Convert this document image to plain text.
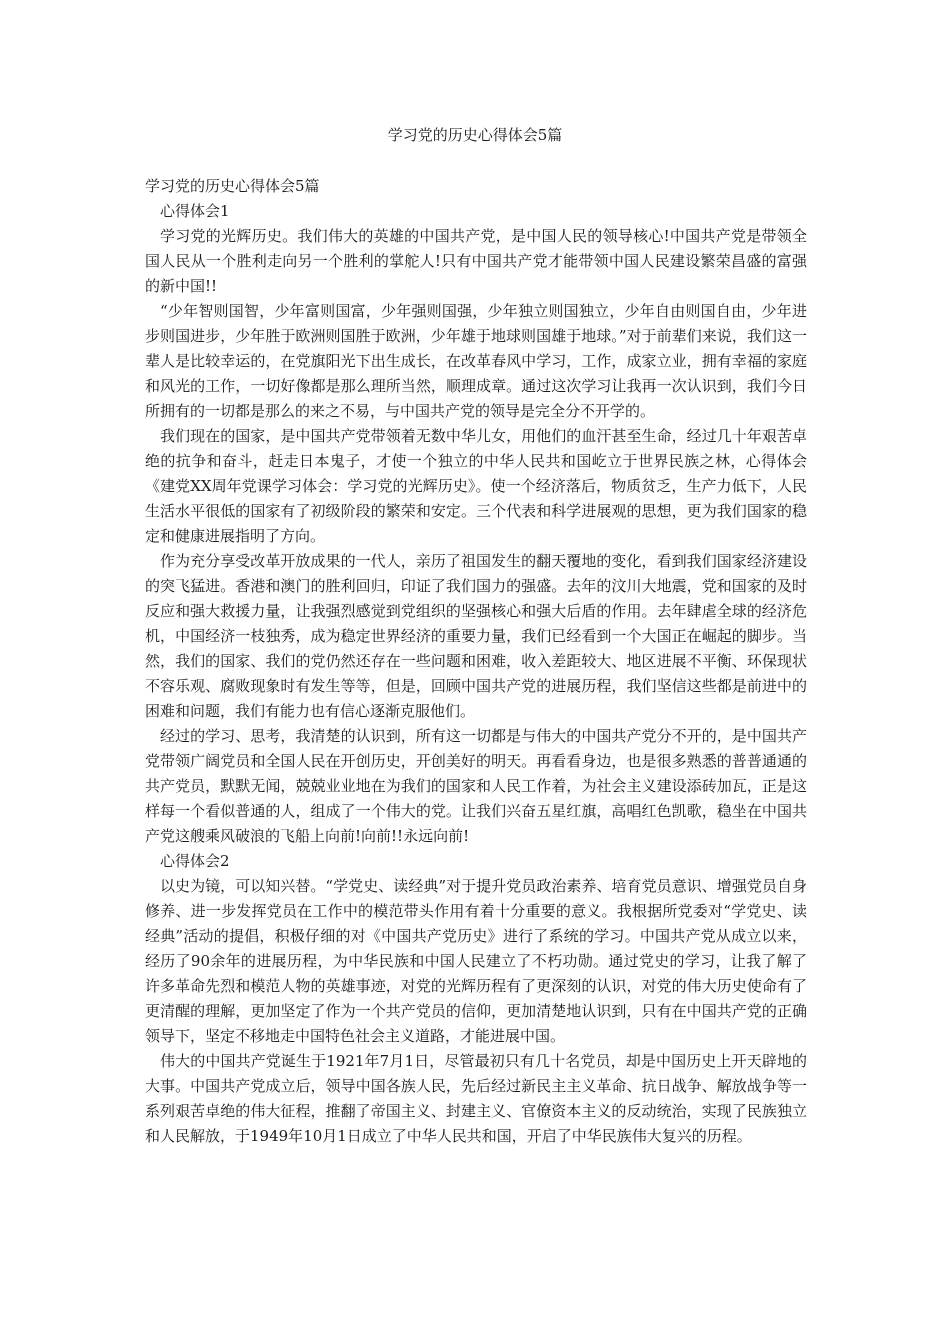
学习党的历史心得体会5篇

学习党的历史心得体会5篇

心得体会1

学习党的光辉历史。我们伟大的英雄的中国共产党，是中国人民的领导核心!中国共产党是带领全国人民从一个胜利走向另一个胜利的掌舵人!只有中国共产党才能带领中国人民建设繁荣昌盛的富强的新中国!!

“少年智则国智，少年富则国富，少年强则国强，少年独立则国独立，少年自由则国自由，少年进步则国进步，少年胜于欧洲则国胜于欧洲，少年雄于地球则国雄于地球。”对于前辈们来说，我们这一辈人是比较幸运的，在党旗阳光下出生成长，在改革春风中学习，工作，成家立业，拥有幸福的家庭和风光的工作，一切好像都是那么理所当然，顺理成章。通过这次学习让我再一次认识到，我们今日所拥有的一切都是那么的来之不易，与中国共产党的领导是完全分不开学的。

我们现在的国家，是中国共产党带领着无数中华儿女，用他们的血汗甚至生命，经过几十年艰苦卓绝的抗争和奋斗，赶走日本鬼子，才使一个独立的中华人民共和国屹立于世界民族之林，心得体会《建党XX周年党课学习体会：学习党的光辉历史》。使一个经济落后，物质贫乏，生产力低下，人民生活水平很低的国家有了初级阶段的繁荣和安定。三个代表和科学进展观的思想，更为我们国家的稳定和健康进展指明了方向。

作为充分享受改革开放成果的一代人，亲历了祖国发生的翻天覆地的变化，看到我们国家经济建设的突飞猛进。香港和澳门的胜利回归，印证了我们国力的强盛。去年的汶川大地震，党和国家的及时反应和强大救援力量，让我强烈感觉到党组织的坚强核心和强大后盾的作用。去年肆虐全球的经济危机，中国经济一枝独秀，成为稳定世界经济的重要力量，我们已经看到一个大国正在崛起的脚步。当然，我们的国家、我们的党仍然还存在一些问题和困难，收入差距较大、地区进展不平衡、环保现状不容乐观、腐败现象时有发生等等，但是，回顾中国共产党的进展历程，我们坚信这些都是前进中的困难和问题，我们有能力也有信心逐渐克服他们。

经过的学习、思考，我清楚的认识到，所有这一切都是与伟大的中国共产党分不开的，是中国共产党带领广阔党员和全国人民在开创历史，开创美好的明天。再看看身边，也是很多熟悉的普普通通的共产党员，默默无闻，兢兢业业地在为我们的国家和人民工作着，为社会主义建设添砖加瓦，正是这样每一个看似普通的人，组成了一个伟大的党。让我们兴奋五星红旗，高唱红色凯歌，稳坐在中国共产党这艘乘风破浪的飞船上向前!向前!!永远向前!

心得体会2

以史为镜，可以知兴替。“学党史、读经典”对于提升党员政治素养、培育党员意识、增强党员自身修养、进一步发挥党员在工作中的模范带头作用有着十分重要的意义。我根据所党委对“学党史、读经典”活动的提倡，积极仔细的对《中国共产党历史》进行了系统的学习。中国共产党从成立以来，经历了90余年的进展历程，为中华民族和中国人民建立了不朽功勋。通过党史的学习，让我了解了许多革命先烈和模范人物的英雄事迹，对党的光辉历程有了更深刻的认识，对党的伟大历史使命有了更清醒的理解，更加坚定了作为一个共产党员的信仰，更加清楚地认识到，只有在中国共产党的正确领导下，坚定不移地走中国特色社会主义道路，才能进展中国。

伟大的中国共产党诞生于1921年7月1日，尽管最初只有几十名党员，却是中国历史上开天辟地的大事。中国共产党成立后，领导中国各族人民，先后经过新民主主义革命、抗日战争、解放战争等一系列艰苦卓绝的伟大征程，推翻了帝国主义、封建主义、官僚资本主义的反动统治，实现了民族独立和人民解放，于1949年10月1日成立了中华人民共和国，开启了中华民族伟大复兴的历程。
